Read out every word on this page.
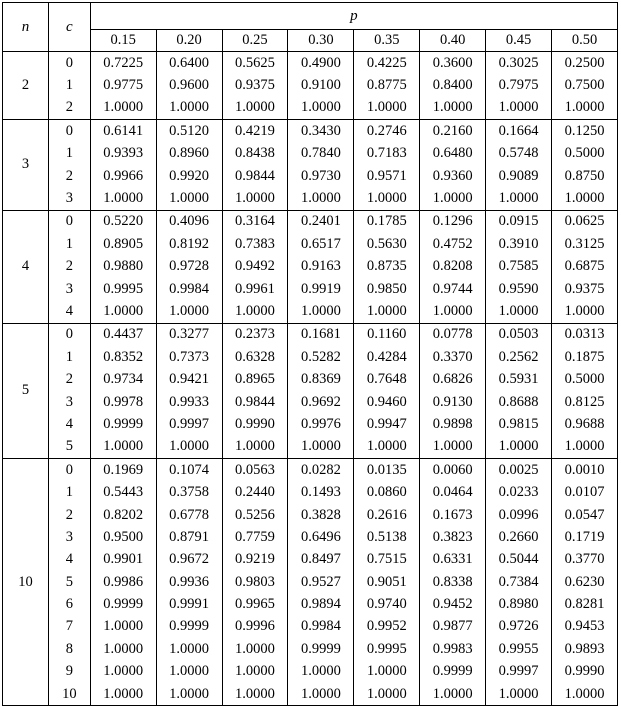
n	c	p							
		0.15	0.20	0.25	0.30	0.35	0.40	0.45	0.50
2	0	0.7225	0.6400	0.5625	0.4900	0.4225	0.3600	0.3025	0.2500
	1	0.9775	0.9600	0.9375	0.9100	0.8775	0.8400	0.7975	0.7500
	2	1.0000	1.0000	1.0000	1.0000	1.0000	1.0000	1.0000	1.0000
3	0	0.6141	0.5120	0.4219	0.3430	0.2746	0.2160	0.1664	0.1250
	1	0.9393	0.8960	0.8438	0.7840	0.7183	0.6480	0.5748	0.5000
	2	0.9966	0.9920	0.9844	0.9730	0.9571	0.9360	0.9089	0.8750
	3	1.0000	1.0000	1.0000	1.0000	1.0000	1.0000	1.0000	1.0000
4	0	0.5220	0.4096	0.3164	0.2401	0.1785	0.1296	0.0915	0.0625
	1	0.8905	0.8192	0.7383	0.6517	0.5630	0.4752	0.3910	0.3125
	2	0.9880	0.9728	0.9492	0.9163	0.8735	0.8208	0.7585	0.6875
	3	0.9995	0.9984	0.9961	0.9919	0.9850	0.9744	0.9590	0.9375
	4	1.0000	1.0000	1.0000	1.0000	1.0000	1.0000	1.0000	1.0000
5	0	0.4437	0.3277	0.2373	0.1681	0.1160	0.0778	0.0503	0.0313
	1	0.8352	0.7373	0.6328	0.5282	0.4284	0.3370	0.2562	0.1875
	2	0.9734	0.9421	0.8965	0.8369	0.7648	0.6826	0.5931	0.5000
	3	0.9978	0.9933	0.9844	0.9692	0.9460	0.9130	0.8688	0.8125
	4	0.9999	0.9997	0.9990	0.9976	0.9947	0.9898	0.9815	0.9688
	5	1.0000	1.0000	1.0000	1.0000	1.0000	1.0000	1.0000	1.0000
10	0	0.1969	0.1074	0.0563	0.0282	0.0135	0.0060	0.0025	0.0010
	1	0.5443	0.3758	0.2440	0.1493	0.0860	0.0464	0.0233	0.0107
	2	0.8202	0.6778	0.5256	0.3828	0.2616	0.1673	0.0996	0.0547
	3	0.9500	0.8791	0.7759	0.6496	0.5138	0.3823	0.2660	0.1719
	4	0.9901	0.9672	0.9219	0.8497	0.7515	0.6331	0.5044	0.3770
	5	0.9986	0.9936	0.9803	0.9527	0.9051	0.8338	0.7384	0.6230
	6	0.9999	0.9991	0.9965	0.9894	0.9740	0.9452	0.8980	0.8281
	7	1.0000	0.9999	0.9996	0.9984	0.9952	0.9877	0.9726	0.9453
	8	1.0000	1.0000	1.0000	0.9999	0.9995	0.9983	0.9955	0.9893
	9	1.0000	1.0000	1.0000	1.0000	1.0000	0.9999	0.9997	0.9990
	10	1.0000	1.0000	1.0000	1.0000	1.0000	1.0000	1.0000	1.0000
